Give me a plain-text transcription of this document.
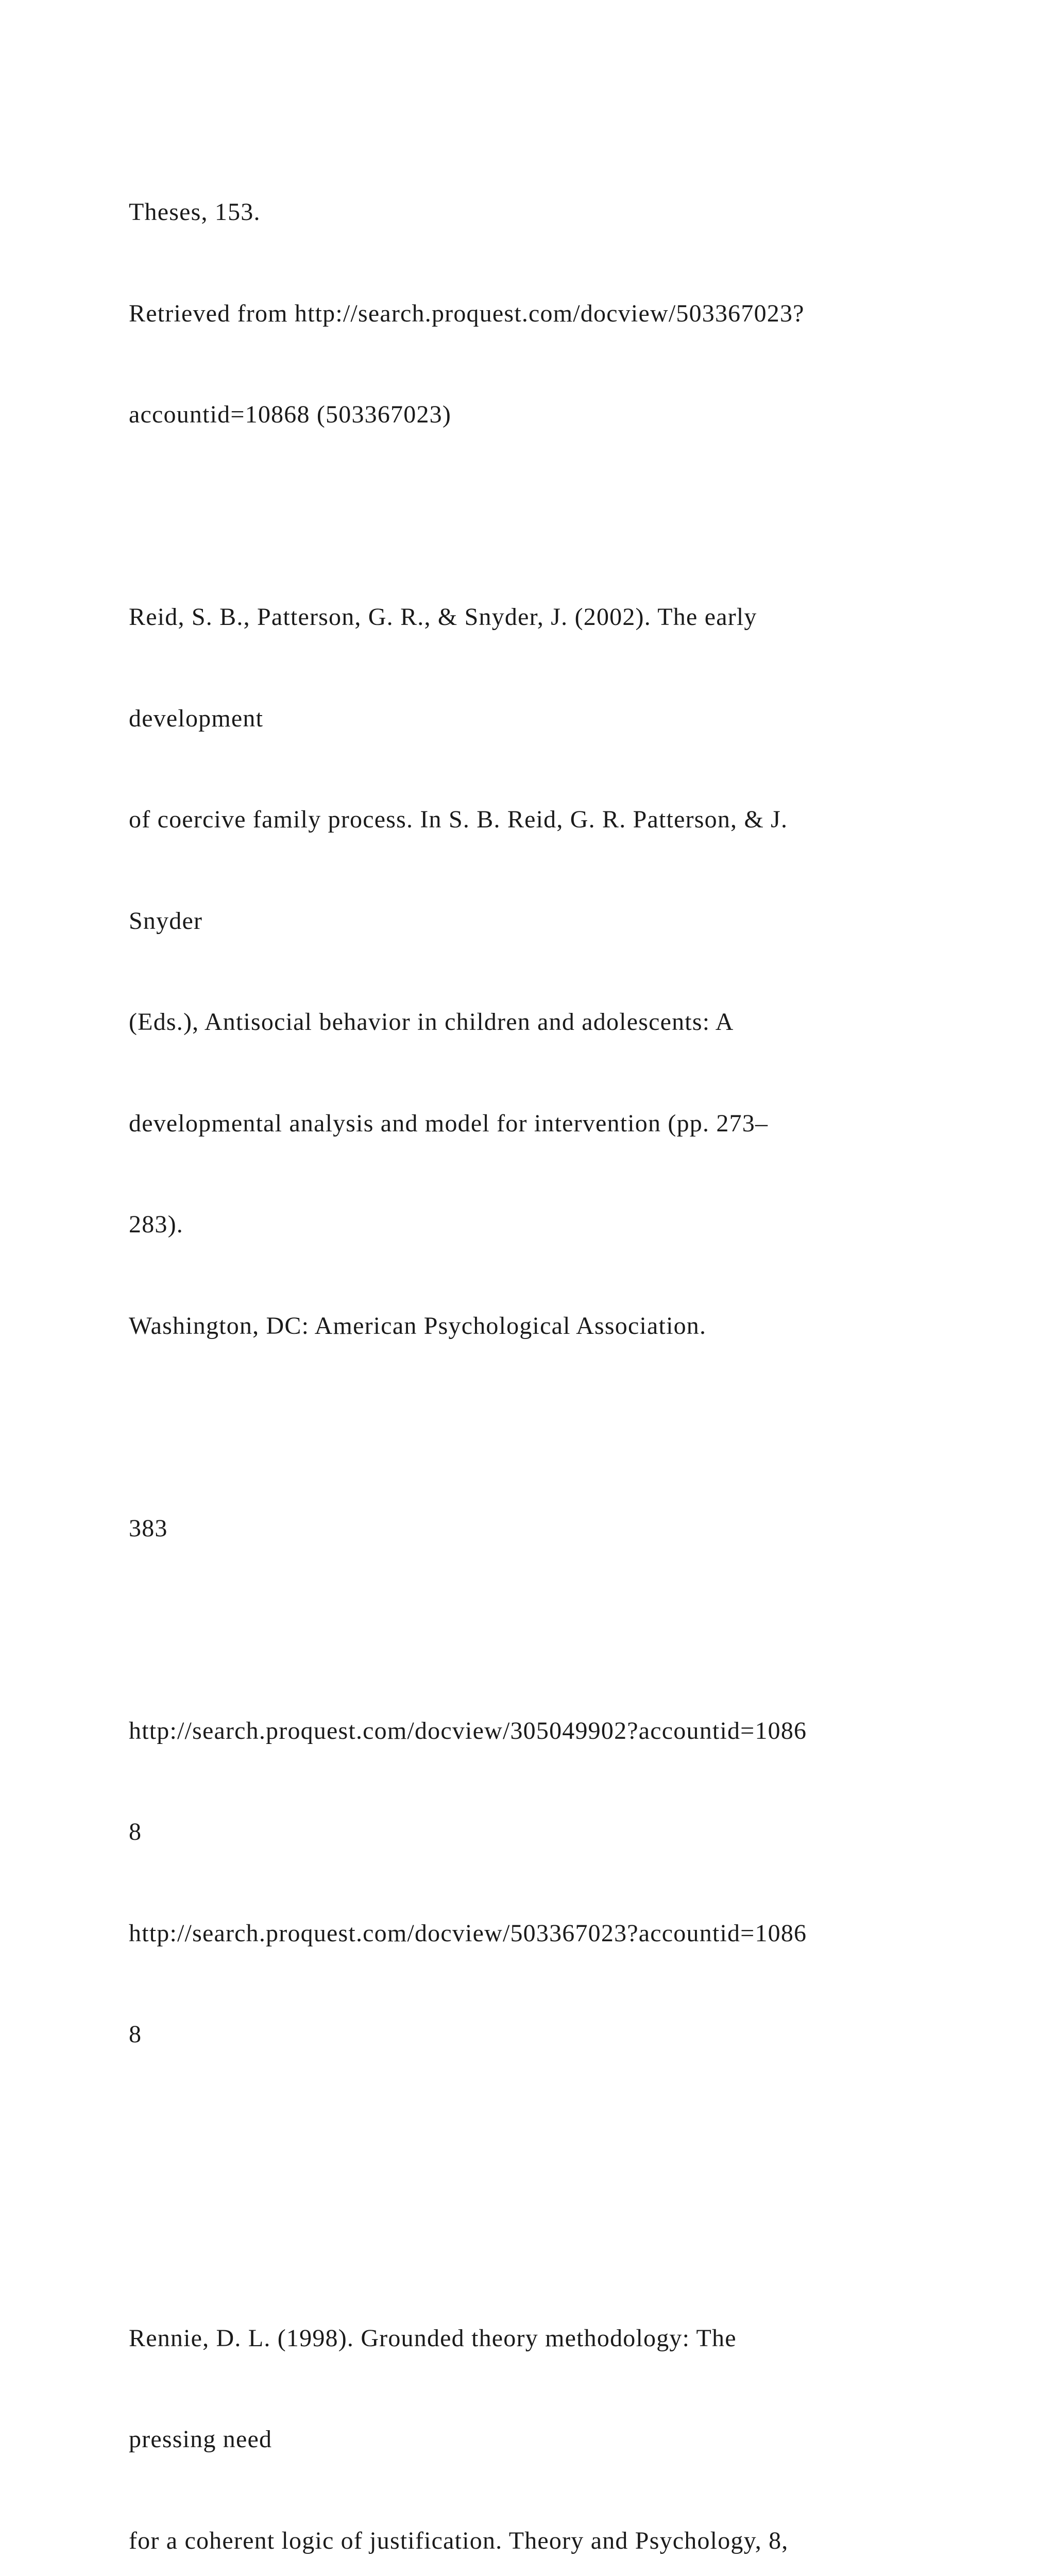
Theses, 153.

Retrieved from http://search.proquest.com/docview/503367023?

accountid=10868 (503367023)

Reid, S. B., Patterson, G. R., & Snyder, J. (2002). The early

development

of coercive family process. In S. B. Reid, G. R. Patterson, & J.

Snyder

(Eds.), Antisocial behavior in children and adolescents: A

developmental analysis and model for intervention (pp. 273–

283).

Washington, DC: American Psychological Association.

383

http://search.proquest.com/docview/305049902?accountid=1086

8

http://search.proquest.com/docview/503367023?accountid=1086

8

Rennie, D. L. (1998). Grounded theory methodology: The

pressing need

for a coherent logic of justification. Theory and Psychology, 8,
